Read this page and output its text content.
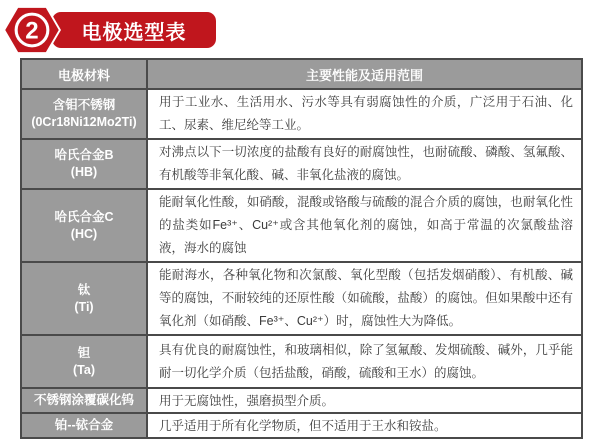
电极选型表
2
电极材料	主要性能及适用范围

含钼不锈钢
(0Cr18Ni12Mo2Ti)	用于工业水、生活用水、污水等具有弱腐蚀性的介质，广泛用于石油、化工、尿素、维尼纶等工业。

哈氏合金B
(HB)	对沸点以下一切浓度的盐酸有良好的耐腐蚀性，也耐硫酸、磷酸、氢氟酸、有机酸等非氧化酸、碱、非氧化盐液的腐蚀。

哈氏合金C
(HC)	能耐氧化性酸，如硝酸，混酸或铬酸与硫酸的混合介质的腐蚀，也耐氧化性的盐类如Fe³⁺、Cu²⁺或含其他氧化剂的腐蚀，如高于常温的次氯酸盐溶液，海水的腐蚀

钛
(Ti)	能耐海水，各种氧化物和次氯酸、氧化型酸（包括发烟硝酸）、有机酸、碱等的腐蚀，不耐较纯的还原性酸（如硫酸，盐酸）的腐蚀。但如果酸中还有氧化剂（如硝酸、Fe³⁺、Cu²⁺）时，腐蚀性大为降低。

钽
(Ta)	具有优良的耐腐蚀性，和玻璃相似，除了氢氟酸、发烟硫酸、碱外，几乎能耐一切化学介质（包括盐酸，硝酸，硫酸和王水）的腐蚀。

不锈钢涂覆碳化钨	用于无腐蚀性，强磨损型介质。

铂--铱合金	几乎适用于所有化学物质，但不适用于王水和铵盐。
